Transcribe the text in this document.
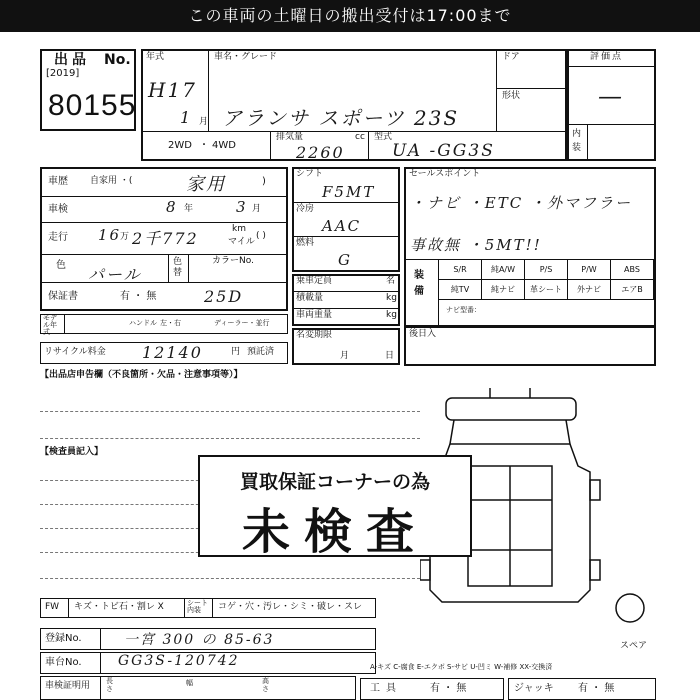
この車両の土曜日の搬出受付は17:00まで
出品 No.
[2019]
80155
年式
H17
1 月
車名・グレード
アランサ スポーツ 23S
ドア
形状
2WD ・ 4WD
排気量	cc
2260
型式
UA -GG3S
評価点
—
内装
車歴 自家用 ・(	家用	)
車検	8 年	3 月
走行 16
万 2千772	km
マイル
( )
色 パール
色替
カラーNo.
保証書	有 ・ 無	25D
モデル年式
ハンドル 左・右	ディーラー・並行
リサイクル料金 12140	円 預託済
シフト
F5MT
冷房
AAC
燃料
G
乗車定員	名
積載量	kg
車両重量	kg
名変期限
月	日
セールスポイント
・ナビ ・ETC ・外マフラー
事故無 ・5MT!!
装備
S/R	純A/W	P/S	P/W	ABS
純TV	純ナビ	革シート	外ナビ	エアB
ナビ型番：
後日入
【出品店申告欄（不良箇所・欠品・注意事項等）】
【検査員記入】
買取保証コーナーの為
未検査
FW キズ・トビ石・割レ X	シート内装	コゲ・穴・汚レ・シミ・破レ・スレ
登録No.	一宮 300 の 85-63
車台No.	GG3S-120742
車検証明用 長さ
幅	高さ
スペア
A-キズ C-腐食 E-エクボ S-サビ U-凹ミ W-補修 XX-交換済
工具	有 ・ 無	ジャッキ 有 ・ 無
